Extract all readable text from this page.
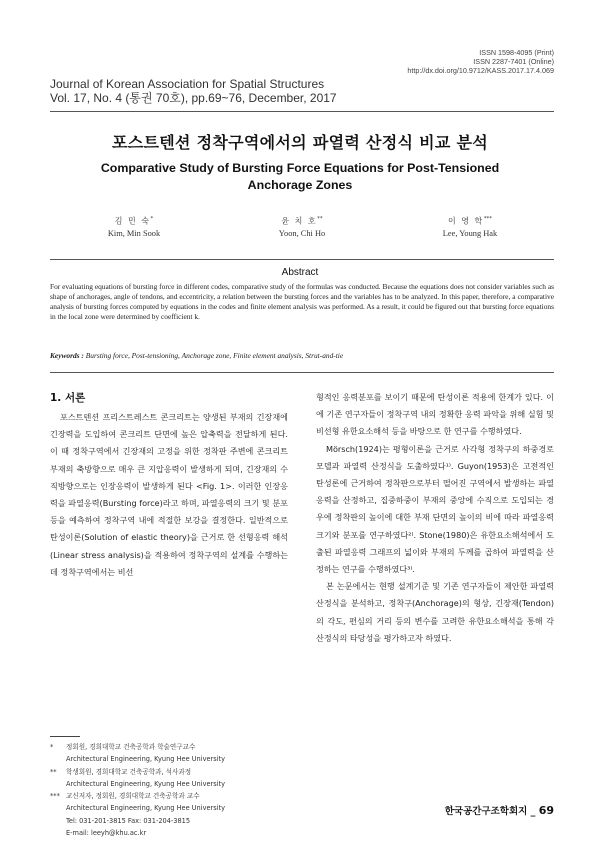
ISSN 1598-4095 (Print)
ISSN 2287-7401 (Online)
http://dx.doi.org/10.9712/KASS.2017.17.4.069
Journal of Korean Association for Spatial Structures
Vol. 17, No. 4 (통권 70호), pp.69~76, December, 2017
포스트텐션 정착구역에서의 파열력 산정식 비교 분석
Comparative Study of Bursting Force Equations for Post-Tensioned
Anchorage Zones
김 민 숙*
Kim, Min Sook
윤 치 호**
Yoon, Chi Ho
이 영 학***
Lee, Young Hak
Abstract
For evaluating equations of bursting force in different codes, comparative study of the formulas was conducted. Because the equations does not consider variables such as shape of anchorages, angle of tendons, and eccentricity, a relation between the bursting forces and the variables has to be analyzed. In this paper, therefore, a comparative analysis of bursting forces computed by equations in the codes and finite element analysis was performed. As a result, it could be figured out that bursting force equations in the local zone were determined by coefficient k.
Keywords : Bursting force, Post-tensioning, Anchorage zone, Finite element analysis, Strut-and-tie
1. 서론

포스트텐션 프리스트레스트 콘크리트는 양생된 부재의 긴장재에 긴장력을 도입하여 콘크리트 단면에 높은 압축력을 전달하게 된다. 이 때 정착구역에서 긴장재의 고정을 위한 정착판 주변에 콘크리트 부재의 축방향으로 매우 큰 지압응력이 발생하게 되며, 긴장재의 수직방향으로는 인장응력이 발생하게 된다 <Fig. 1>. 이러한 인장응력을 파열응력(Bursting force)라고 하며, 파열응력의 크기 및 분포 등을 예측하여 정착구역 내에 적절한 보강을 결정한다. 일반적으로 탄성이론(Solution of elastic theory)을 근거로 한 선형응력 해석(Linear stress analysis)을 적용하여 정착구역의 설계를 수행하는데 정착구역에서는 비선

형적인 응력분포를 보이기 때문에 탄성이론 적용에 한계가 있다. 이에 기존 연구자들이 정착구역 내의 정확한 응력 파악을 위해 실험 및 비선형 유한요소해석 등을 바탕으로 한 연구를 수행하였다.

Mörsch(1924)는 평형이론을 근거로 사각형 정착구의 하중경로 모델과 파열력 산정식을 도출하였다¹⁾. Guyon(1953)은 고전적인 탄성론에 근거하여 정착판으로부터 떨어진 구역에서 발생하는 파열응력을 산정하고, 집중하중이 부재의 중앙에 수직으로 도입되는 경우에 정착판의 높이에 대한 부재 단면의 높이의 비에 따라 파열응력 크기와 분포를 연구하였다²⁾. Stone(1980)은 유한요소해석에서 도출된 파열응력 그래프의 넓이와 부재의 두께를 곱하여 파열력을 산정하는 연구를 수행하였다³⁾.

본 논문에서는 현행 설계기준 및 기존 연구자들이 제안한 파열력 산정식을 분석하고, 정착구(Anchorage)의 형상, 긴장재(Tendon)의 각도, 편심의 거리 등의 변수를 고려한 유한요소해석을 통해 각 산정식의 타당성을 평가하고자 하였다.

*	정회원, 경희대학교 건축공학과 학술연구교수
Architectural Engineering, Kyung Hee University
**	학생회원, 경희대학교 건축공학과, 석사과정
Architectural Engineering, Kyung Hee University
*** 교신저자, 정회원, 경희대학교 건축공학과 교수
Architectural Engineering, Kyung Hee University
Tel: 031-201-3815 Fax: 031-204-3815
E-mail: leeyh@khu.ac.kr
한국공간구조학회지 _ 69
